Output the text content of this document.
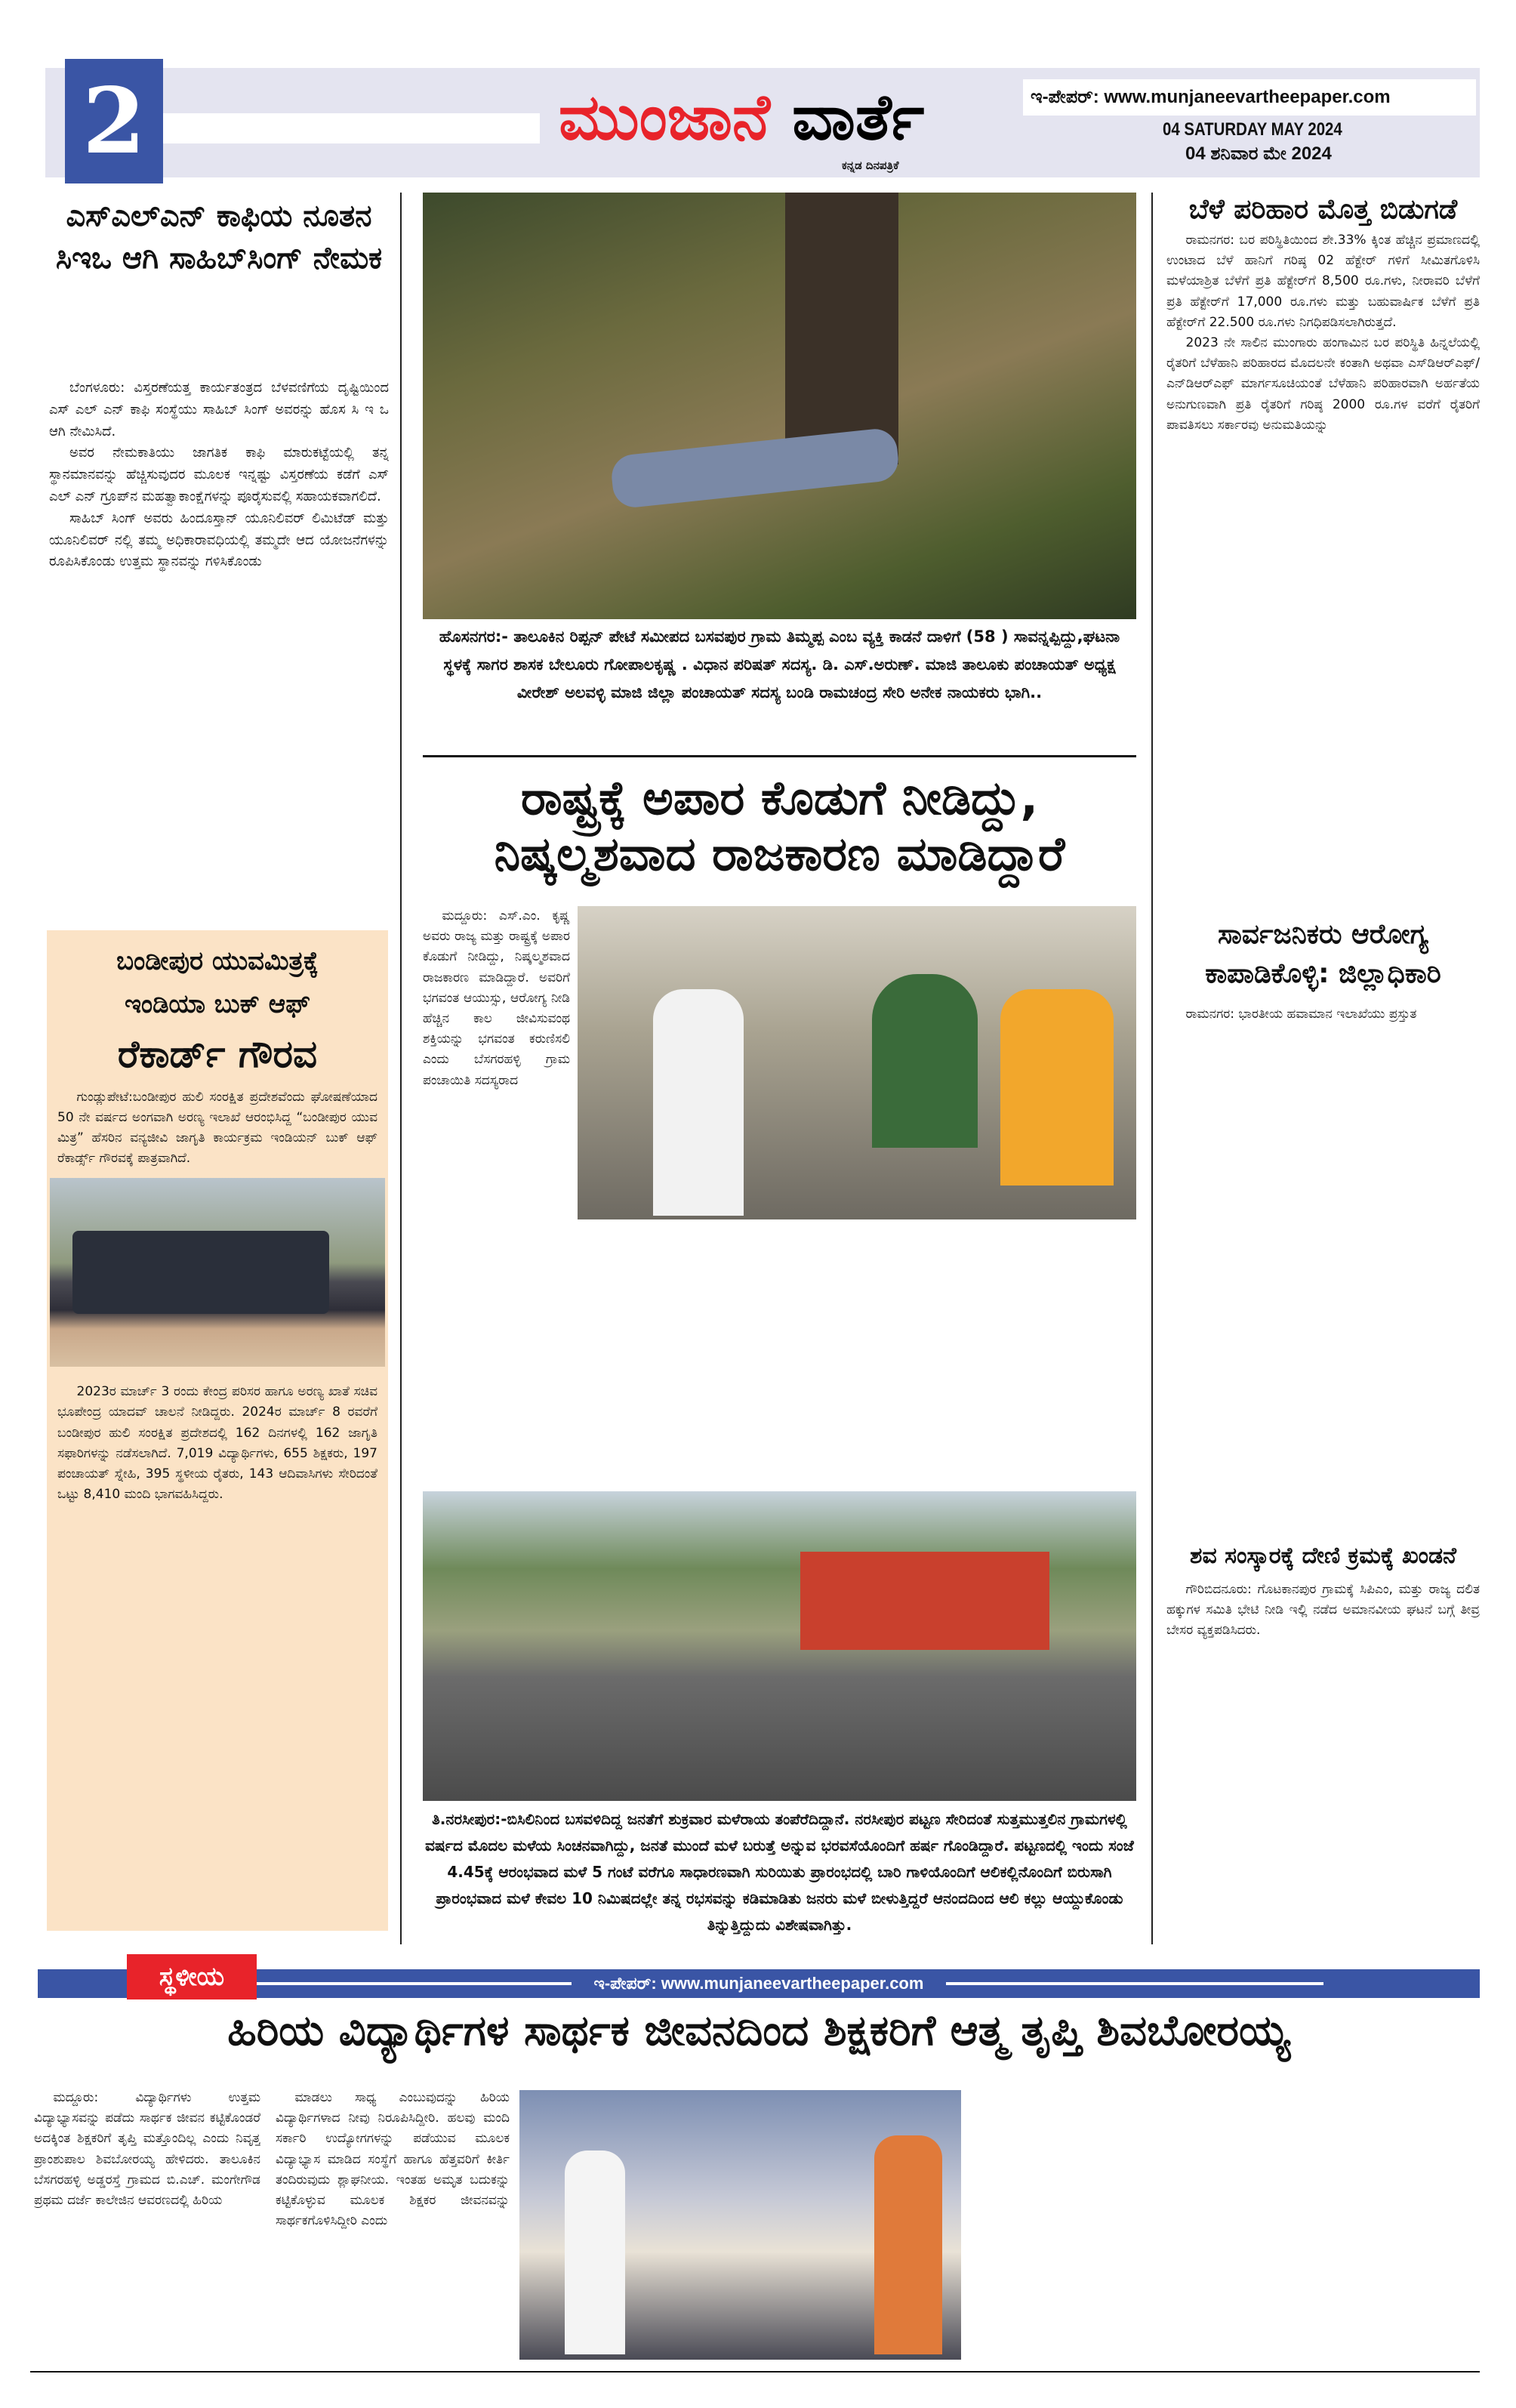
2	ಮುಂಜಾನೆ ವಾರ್ತೆ
ಕನ್ನಡ ದಿನಪತ್ರಿಕೆ
ಇ-ಪೇಪರ್: www.munjaneevartheepaper.com
04 SATURDAY MAY 2024
04 ಶನಿವಾರ ಮೇ 2024
ಎಸ್‌ಎಲ್‌ಎನ್ ಕಾಫಿಯ ನೂತನ ಸಿಇಒ ಆಗಿ ಸಾಹಿಬ್‌ಸಿಂಗ್ ನೇಮಕ

ಬೆಂಗಳೂರು: ವಿಸ್ತರಣೆಯತ್ತ ಕಾರ್ಯತಂತ್ರದ ಬೆಳವಣಿಗೆಯ ದೃಷ್ಟಿಯಿಂದ ಎಸ್ ಎಲ್ ಎನ್ ಕಾಫಿ ಸಂಸ್ಥೆಯು ಸಾಹಿಬ್ ಸಿಂಗ್ ಅವರನ್ನು ಹೊಸ ಸಿ ಇ ಒ ಆಗಿ ನೇಮಿಸಿದೆ.

ಅವರ ನೇಮಕಾತಿಯು ಜಾಗತಿಕ ಕಾಫಿ ಮಾರುಕಟ್ಟೆಯಲ್ಲಿ ತನ್ನ ಸ್ಥಾನಮಾನವನ್ನು ಹೆಚ್ಚಿಸುವುದರ ಮೂಲಕ ಇನ್ನಷ್ಟು ವಿಸ್ತರಣೆಯ ಕಡೆಗೆ ಎಸ್ ಎಲ್ ಎನ್ ಗ್ರೂಪ್‌ನ ಮಹತ್ವಾಕಾಂಕ್ಷೆಗಳನ್ನು ಪೂರೈಸುವಲ್ಲಿ ಸಹಾಯಕವಾಗಲಿದೆ.

ಸಾಹಿಬ್ ಸಿಂಗ್ ಅವರು ಹಿಂದೂಸ್ತಾನ್ ಯೂನಿಲಿವರ್ ಲಿಮಿಟೆಡ್ ಮತ್ತು ಯೂನಿಲಿವರ್ ನಲ್ಲಿ ತಮ್ಮ ಅಧಿಕಾರಾವಧಿಯಲ್ಲಿ ತಮ್ಮದೇ ಆದ ಯೋಜನೆಗಳನ್ನು ರೂಪಿಸಿಕೊಂಡು ಉತ್ತಮ ಸ್ಥಾನವನ್ನು ಗಳಿಸಿಕೊಂಡು

ಬಂಡೀಪುರ ಯುವಮಿತ್ರಕ್ಕೆ
ಇಂಡಿಯಾ ಬುಕ್ ಆಫ್
ರೆಕಾರ್ಡ್ ಗೌರವ

ಗುಂಡ್ಲುಪೇಟೆ:ಬಂಡೀಪುರ ಹುಲಿ ಸಂರಕ್ಷಿತ ಪ್ರದೇಶವೆಂದು ಘೋಷಣೆಯಾದ 50 ನೇ ವರ್ಷದ ಅಂಗವಾಗಿ ಅರಣ್ಯ ಇಲಾಖೆ ಆರಂಭಿಸಿದ್ದ “ಬಂಡೀಪುರ ಯುವ ಮಿತ್ರ” ಹೆಸರಿನ ವನ್ಯಜೀವಿ ಜಾಗೃತಿ ಕಾರ್ಯಕ್ರಮ ಇಂಡಿಯನ್ ಬುಕ್ ಆಫ್ ರೆಕಾರ್ಡ್ಸ್ ಗೌರವಕ್ಕೆ ಪಾತ್ರವಾಗಿದೆ.

2023ರ ಮಾರ್ಚ್ 3 ರಂದು ಕೇಂದ್ರ ಪರಿಸರ ಹಾಗೂ ಅರಣ್ಯ ಖಾತೆ ಸಚಿವ ಭೂಪೇಂದ್ರ ಯಾದವ್ ಚಾಲನೆ ನೀಡಿದ್ದರು. 2024ರ ಮಾರ್ಚ್ 8 ರವರೆಗೆ ಬಂಡೀಪುರ ಹುಲಿ ಸಂರಕ್ಷಿತ ಪ್ರದೇಶದಲ್ಲಿ 162 ದಿನಗಳಲ್ಲಿ 162 ಜಾಗೃತಿ ಸಫಾರಿಗಳನ್ನು ನಡೆಸಲಾಗಿದೆ. 7,019 ವಿದ್ಯಾರ್ಥಿಗಳು, 655 ಶಿಕ್ಷಕರು, 197 ಪಂಚಾಯತ್ ಸ್ನೇಹಿ, 395 ಸ್ಥಳೀಯ ರೈತರು, 143 ಆದಿವಾಸಿಗಳು ಸೇರಿದಂತೆ ಒಟ್ಟು 8,410 ಮಂದಿ ಭಾಗವಹಿಸಿದ್ದರು.

ಹೊಸನಗರ:- ತಾಲೂಕಿನ ರಿಪ್ಪನ್ ಪೇಟೆ ಸಮೀಪದ ಬಸವಪುರ ಗ್ರಾಮ ತಿಮ್ಮಪ್ಪ ಎಂಬ ವ್ಯಕ್ತಿ ಕಾಡನೆ ದಾಳಿಗೆ (58 ) ಸಾವನ್ನಪ್ಪಿದ್ದು,ಘಟನಾ ಸ್ಥಳಕ್ಕೆ ಸಾಗರ ಶಾಸಕ ಬೇಲೂರು ಗೋಪಾಲಕೃಷ್ಣ . ವಿಧಾನ ಪರಿಷತ್ ಸದಸ್ಯ. ಡಿ. ಎಸ್.ಅರುಣ್. ಮಾಜಿ ತಾಲೂಕು ಪಂಚಾಯತ್ ಅಧ್ಯಕ್ಷ ವೀರೇಶ್ ಅಲವಳ್ಳಿ ಮಾಜಿ ಜಿಲ್ಲಾ ಪಂಚಾಯತ್ ಸದಸ್ಯ ಬಂಡಿ ರಾಮಚಂದ್ರ ಸೇರಿ ಅನೇಕ ನಾಯಕರು ಭಾಗಿ..
ರಾಷ್ಟ್ರಕ್ಕೆ ಅಪಾರ ಕೊಡುಗೆ ನೀಡಿದ್ದು,
ನಿಷ್ಕಲ್ಮಶವಾದ ರಾಜಕಾರಣ ಮಾಡಿದ್ದಾರೆ

ಮದ್ದೂರು: ಎಸ್.ಎಂ. ಕೃಷ್ಣ ಅವರು ರಾಜ್ಯ ಮತ್ತು ರಾಷ್ಟ್ರಕ್ಕೆ ಅಪಾರ ಕೊಡುಗೆ ನೀಡಿದ್ದು, ನಿಷ್ಕಲ್ಮಶವಾದ ರಾಜಕಾರಣ ಮಾಡಿದ್ದಾರೆ. ಅವರಿಗೆ ಭಗವಂತ ಆಯುಸ್ಸು, ಆರೋಗ್ಯ ನೀಡಿ ಹೆಚ್ಚಿನ ಕಾಲ ಜೀವಿಸುವಂಥ ಶಕ್ತಿಯನ್ನು ಭಗವಂತ ಕರುಣಿಸಲಿ ಎಂದು ಬೆಸಗರಹಳ್ಳಿ ಗ್ರಾಮ ಪಂಚಾಯಿತಿ ಸದಸ್ಯರಾದ

ತಿ.ನರಸೀಪುರ:-ಬಿಸಿಲಿನಿಂದ ಬಸವಳಿದಿದ್ದ ಜನತೆಗೆ ಶುಕ್ರವಾರ ಮಳೆರಾಯ ತಂಪೆರೆದಿದ್ದಾನೆ. ನರಸೀಪುರ ಪಟ್ಟಣ ಸೇರಿದಂತೆ ಸುತ್ತಮುತ್ತಲಿನ ಗ್ರಾಮಗಳಲ್ಲಿ ವರ್ಷದ ಮೊದಲ ಮಳೆಯ ಸಿಂಚನವಾಗಿದ್ದು, ಜನತೆ ಮುಂದೆ ಮಳೆ ಬರುತ್ತೆ ಅನ್ನುವ ಭರವಸೆಯೊಂದಿಗೆ ಹರ್ಷ ಗೊಂಡಿದ್ದಾರೆ. ಪಟ್ಟಣದಲ್ಲಿ ಇಂದು ಸಂಜೆ 4.45ಕ್ಕೆ ಆರಂಭವಾದ ಮಳೆ 5 ಗಂಟೆ ವರೆಗೂ ಸಾಧಾರಣವಾಗಿ ಸುರಿಯಿತು ಪ್ರಾರಂಭದಲ್ಲಿ ಬಾರಿ ಗಾಳಿಯೊಂದಿಗೆ ಆಲಿಕಲ್ಲಿನೊಂದಿಗೆ ಬಿರುಸಾಗಿ ಪ್ರಾರಂಭವಾದ ಮಳೆ ಕೇವಲ 10 ನಿಮಿಷದಲ್ಲೇ ತನ್ನ ರಭಸವನ್ನು ಕಡಿಮಾಡಿತು ಜನರು ಮಳೆ ಬೀಳುತ್ತಿದ್ದರೆ ಆನಂದದಿಂದ ಆಲಿ ಕಲ್ಲು ಆಯ್ದುಕೊಂಡು ತಿನ್ನುತ್ತಿದ್ದುದು ವಿಶೇಷವಾಗಿತ್ತು.
ಬೆಳೆ ಪರಿಹಾರ ಮೊತ್ತ ಬಿಡುಗಡೆ

ರಾಮನಗರ: ಬರ ಪರಿಸ್ಥಿತಿಯಿಂದ ಶೇ.33% ಕ್ಕಿಂತ ಹೆಚ್ಚಿನ ಪ್ರಮಾಣದಲ್ಲಿ ಉಂಟಾದ ಬೆಳೆ ಹಾನಿಗೆ ಗರಿಷ್ಠ 02 ಹೆಕ್ಟೇರ್ ಗಳಿಗೆ ಸೀಮಿತಗೊಳಿಸಿ ಮಳೆಯಾಶ್ರಿತ ಬೆಳೆಗೆ ಪ್ರತಿ ಹೆಕ್ಟೇರ್‌ಗೆ 8,500 ರೂ.ಗಳು, ನೀರಾವರಿ ಬೆಳೆಗೆ ಪ್ರತಿ ಹೆಕ್ಟೇರ್‌ಗೆ 17,000 ರೂ.ಗಳು ಮತ್ತು ಬಹುವಾರ್ಷಿಕ ಬೆಳೆಗೆ ಪ್ರತಿ ಹೆಕ್ಟೇರ್‌ಗೆ 22.500 ರೂ.ಗಳು ನಿಗಧಿಪಡಿಸಲಾಗಿರುತ್ತದೆ.

2023 ನೇ ಸಾಲಿನ ಮುಂಗಾರು ಹಂಗಾಮಿನ ಬರ ಪರಿಸ್ಥಿತಿ ಹಿನ್ನಲೆಯಲ್ಲಿ ರೈತರಿಗೆ ಬೆಳೆಹಾನಿ ಪರಿಹಾರದ ಮೊದಲನೇ ಕಂತಾಗಿ ಅಥವಾ ಎಸ್‌ಡಿಆರ್‌ಎಫ್/ಎನ್‌ಡಿಆರ್‌ಎಫ್ ಮಾರ್ಗಸೂಚಿಯಂತೆ ಬೆಳೆಹಾನಿ ಪರಿಹಾರವಾಗಿ ಅರ್ಹತೆಯ ಅನುಗುಣವಾಗಿ ಪ್ರತಿ ರೈತರಿಗೆ ಗರಿಷ್ಠ 2000 ರೂ.ಗಳ ವರೆಗೆ ರೈತರಿಗೆ ಪಾವತಿಸಲು ಸರ್ಕಾರವು ಅನುಮತಿಯನ್ನು

ಸಾರ್ವಜನಿಕರು ಆರೋಗ್ಯ ಕಾಪಾಡಿಕೊಳ್ಳಿ: ಜಿಲ್ಲಾಧಿಕಾರಿ

ರಾಮನಗರ: ಭಾರತೀಯ ಹವಾಮಾನ ಇಲಾಖೆಯು ಪ್ರಸ್ತುತ

ಶವ ಸಂಸ್ಕಾರಕ್ಕೆ ದೇಣಿ ಕ್ರಮಕ್ಕೆ ಖಂಡನೆ

ಗೌರಿಬಿದನೂರು: ಗೊಟಕಾನಪುರ ಗ್ರಾಮಕ್ಕೆ ಸಿಪಿಎಂ, ಮತ್ತು ರಾಜ್ಯ ದಲಿತ ಹಕ್ಕುಗಳ ಸಮಿತಿ ಭೇಟಿ ನೀಡಿ ಇಲ್ಲಿ ನಡೆದ ಅಮಾನವೀಯ ಘಟನೆ ಬಗ್ಗೆ ತೀವ್ರ ಬೇಸರ ವ್ಯಕ್ತಪಡಿಸಿದರು.

ಇ-ಪೇಪರ್: www.munjaneevartheepaper.com
ಸ್ಥಳೀಯ
ಹಿರಿಯ ವಿದ್ಯಾರ್ಥಿಗಳ ಸಾರ್ಥಕ ಜೀವನದಿಂದ ಶಿಕ್ಷಕರಿಗೆ ಆತ್ಮ ತೃಪ್ತಿ ಶಿವಬೋರಯ್ಯ

ಮದ್ದೂರು: ವಿದ್ಯಾರ್ಥಿಗಳು ಉತ್ತಮ ವಿದ್ಯಾಭ್ಯಾಸವನ್ನು ಪಡೆದು ಸಾರ್ಥಕ ಜೀವನ ಕಟ್ಟಿಕೊಂಡರೆ ಅದಕ್ಕಿಂತ ಶಿಕ್ಷಕರಿಗೆ ತೃಪ್ತಿ ಮತ್ತೊಂದಿಲ್ಲ ಎಂದು ನಿವೃತ್ತ ಪ್ರಾಂಶುಪಾಲ ಶಿವಬೋರಯ್ಯ ಹೇಳಿದರು. ತಾಲೂಕಿನ ಬೆಸಗರಹಳ್ಳಿ ಅಡ್ಡರಸ್ತೆ ಗ್ರಾಮದ ಬಿ.ಎಚ್. ಮಂಗೇಗೌಡ ಪ್ರಥಮ ದರ್ಜೆ ಕಾಲೇಜಿನ ಆವರಣದಲ್ಲಿ ಹಿರಿಯ

ಮಾಡಲು ಸಾಧ್ಯ ಎಂಬುವುದನ್ನು ಹಿರಿಯ ವಿದ್ಯಾರ್ಥಿಗಳಾದ ನೀವು ನಿರೂಪಿಸಿದ್ದೀರಿ. ಹಲವು ಮಂದಿ ಸರ್ಕಾರಿ ಉದ್ಯೋಗಗಳನ್ನು ಪಡೆಯುವ ಮೂಲಕ ವಿದ್ಯಾಭ್ಯಾಸ ಮಾಡಿದ ಸಂಸ್ಥೆಗೆ ಹಾಗೂ ಹೆತ್ತವರಿಗೆ ಕೀರ್ತಿ ತಂದಿರುವುದು ಶ್ಲಾಘನೀಯ. ಇಂತಹ ಅಮೃತ ಬದುಕನ್ನು ಕಟ್ಟಿಕೊಳ್ಳುವ ಮೂಲಕ ಶಿಕ್ಷಕರ ಜೀವನವನ್ನು ಸಾರ್ಥಕಗೊಳಿಸಿದ್ದೀರಿ ಎಂದು
